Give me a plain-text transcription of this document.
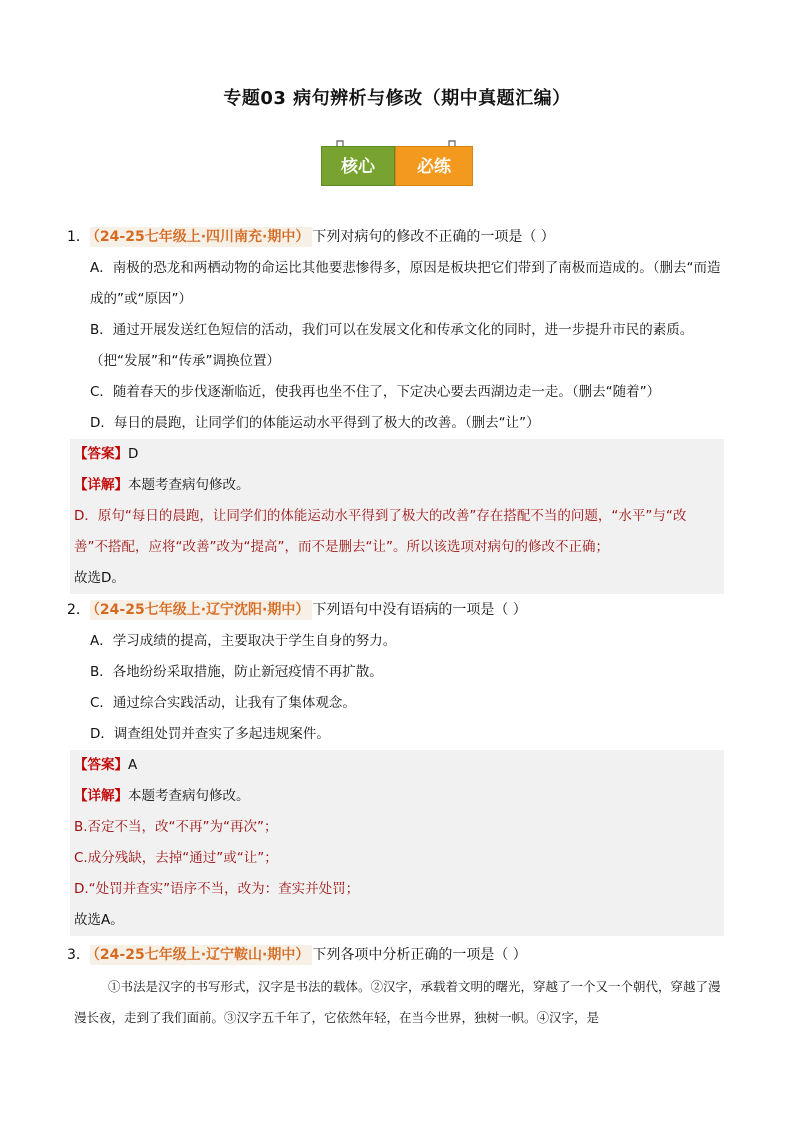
专题03 病句辨析与修改（期中真题汇编）
核心	必练

1． （24-25七年级上·四川南充·期中） 下列对病句的修改不正确的一项是（ ）

A．南极的恐龙和两栖动物的命运比其他要悲惨得多，原因是板块把它们带到了南极而造成的。（删去“而造成的”或“原因”）

B．通过开展发送红色短信的活动，我们可以在发展文化和传承文化的同时，进一步提升市民的素质。（把“发展”和“传承”调换位置）

C．随着春天的步伐逐渐临近，使我再也坐不住了，下定决心要去西湖边走一走。（删去“随着”）

D．每日的晨跑，让同学们的体能运动水平得到了极大的改善。（删去“让”）

【答案】D
【详解】本题考查病句修改。
D．原句“每日的晨跑，让同学们的体能运动水平得到了极大的改善”存在搭配不当的问题，“水平”与“改善”不搭配，应将“改善”改为“提高”，而不是删去“让”。所以该选项对病句的修改不正确；
故选D。

2． （24-25七年级上·辽宁沈阳·期中） 下列语句中没有语病的一项是（ ）

A．学习成绩的提高，主要取决于学生自身的努力。

B．各地纷纷采取措施，防止新冠疫情不再扩散。

C．通过综合实践活动，让我有了集体观念。

D．调查组处罚并查实了多起违规案件。

【答案】A
【详解】本题考查病句修改。
B.否定不当，改“不再”为“再次”；
C.成分残缺，去掉“通过”或“让”；
D.“处罚并查实”语序不当，改为：查实并处罚；
故选A。

3． （24-25七年级上·辽宁鞍山·期中） 下列各项中分析正确的一项是（ ）

①书法是汉字的书写形式，汉字是书法的载体。②汉字，承载着文明的曙光，穿越了一个又一个朝代，穿越了漫漫长夜，走到了我们面前。③汉字五千年了，它依然年轻，在当今世界，独树一帜。④汉字，是
